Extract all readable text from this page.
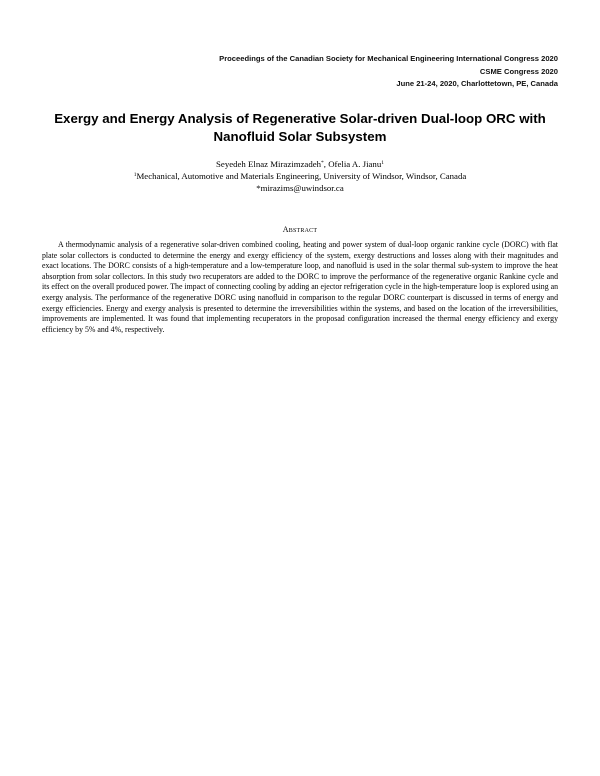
Proceedings of the Canadian Society for Mechanical Engineering International Congress 2020
CSME Congress 2020
June 21-24, 2020, Charlottetown, PE, Canada
Exergy and Energy Analysis of Regenerative Solar-driven Dual-loop ORC with
Nanofluid Solar Subsystem
Seyedeh Elnaz Mirazimzadeh*, Ofelia A. Jianu$^1$
$^1$Mechanical, Automotive and Materials Engineering, University of Windsor, Windsor, Canada
*mirazims@uwindsor.ca
Abstract

A thermodynamic analysis of a regenerative solar-driven combined cooling, heating and power system of dual-loop organic rankine cycle (DORC) with flat plate solar collectors is conducted to determine the energy and exergy efficiency of the system, exergy destructions and losses along with their magnitudes and exact locations. The DORC consists of a high-temperature and a low-temperature loop, and nanofluid is used in the solar thermal sub-system to improve the heat absorption from solar collectors. In this study two recuperators are added to the DORC to improve the performance of the regenerative organic Rankine cycle and its effect on the overall produced power. The impact of connecting cooling by adding an ejector refrigeration cycle in the high-temperature loop is explored using an exergy analysis. The performance of the regenerative DORC using nanofluid in comparison to the regular DORC counterpart is discussed in terms of energy and exergy efficiencies. Energy and exergy analysis is presented to determine the irreversibilities within the systems, and based on the location of the irreversibilities, improvements are implemented. It was found that implementing recuperators in the proposad configuration increased the thermal energy efficiency and exergy efficiency by 5% and 4%, respectively.
